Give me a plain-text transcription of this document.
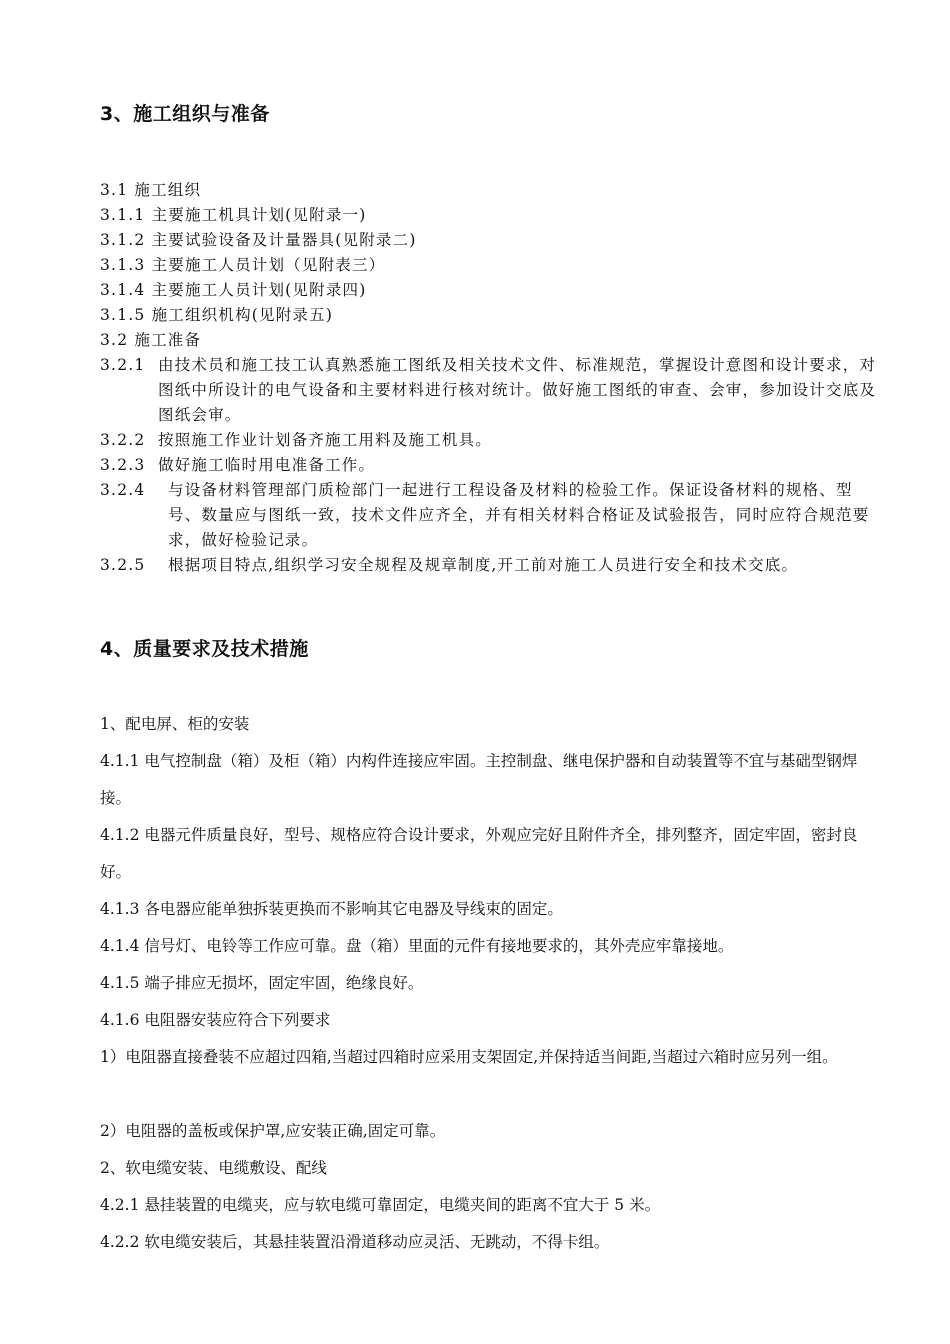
3、施工组织与准备
3.1 施工组织
3.1.1 主要施工机具计划(见附录一)
3.1.2 主要试验设备及计量器具(见附录二)
3.1.3 主要施工人员计划（见附表三）
3.1.4 主要施工人员计划(见附录四)
3.1.5 施工组织机构(见附录五)
3.2 施工准备
3.2.1 由技术员和施工技工认真熟悉施工图纸及相关技术文件、标准规范，掌握设计意图和设计要求，对图纸中所设计的电气设备和主要材料进行核对统计。做好施工图纸的审查、会审，参加设计交底及图纸会审。
3.2.2 按照施工作业计划备齐施工用料及施工机具。
3.2.3 做好施工临时用电准备工作。
3.2.4	与设备材料管理部门质检部门一起进行工程设备及材料的检验工作。保证设备材料的规格、型号、数量应与图纸一致，技术文件应齐全，并有相关材料合格证及试验报告，同时应符合规范要求，做好检验记录。
3.2.5	根据项目特点,组织学习安全规程及规章制度,开工前对施工人员进行安全和技术交底。
4、质量要求及技术措施
1、配电屏、柜的安装
4.1.1 电气控制盘（箱）及柜（箱）内构件连接应牢固。主控制盘、继电保护器和自动装置等不宜与基础型钢焊接。
4.1.2 电器元件质量良好，型号、规格应符合设计要求，外观应完好且附件齐全，排列整齐，固定牢固，密封良好。
4.1.3 各电器应能单独拆装更换而不影响其它电器及导线束的固定。
4.1.4 信号灯、电铃等工作应可靠。盘（箱）里面的元件有接地要求的，其外壳应牢靠接地。
4.1.5 端子排应无损坏，固定牢固，绝缘良好。
4.1.6 电阻器安装应符合下列要求
1）电阻器直接叠装不应超过四箱,当超过四箱时应采用支架固定,并保持适当间距,当超过六箱时应另列一组。
2）电阻器的盖板或保护罩,应安装正确,固定可靠。
2、软电缆安装、电缆敷设、配线
4.2.1 悬挂装置的电缆夹，应与软电缆可靠固定，电缆夹间的距离不宜大于 5 米。
4.2.2 软电缆安装后，其悬挂装置沿滑道移动应灵活、无跳动，不得卡组。
